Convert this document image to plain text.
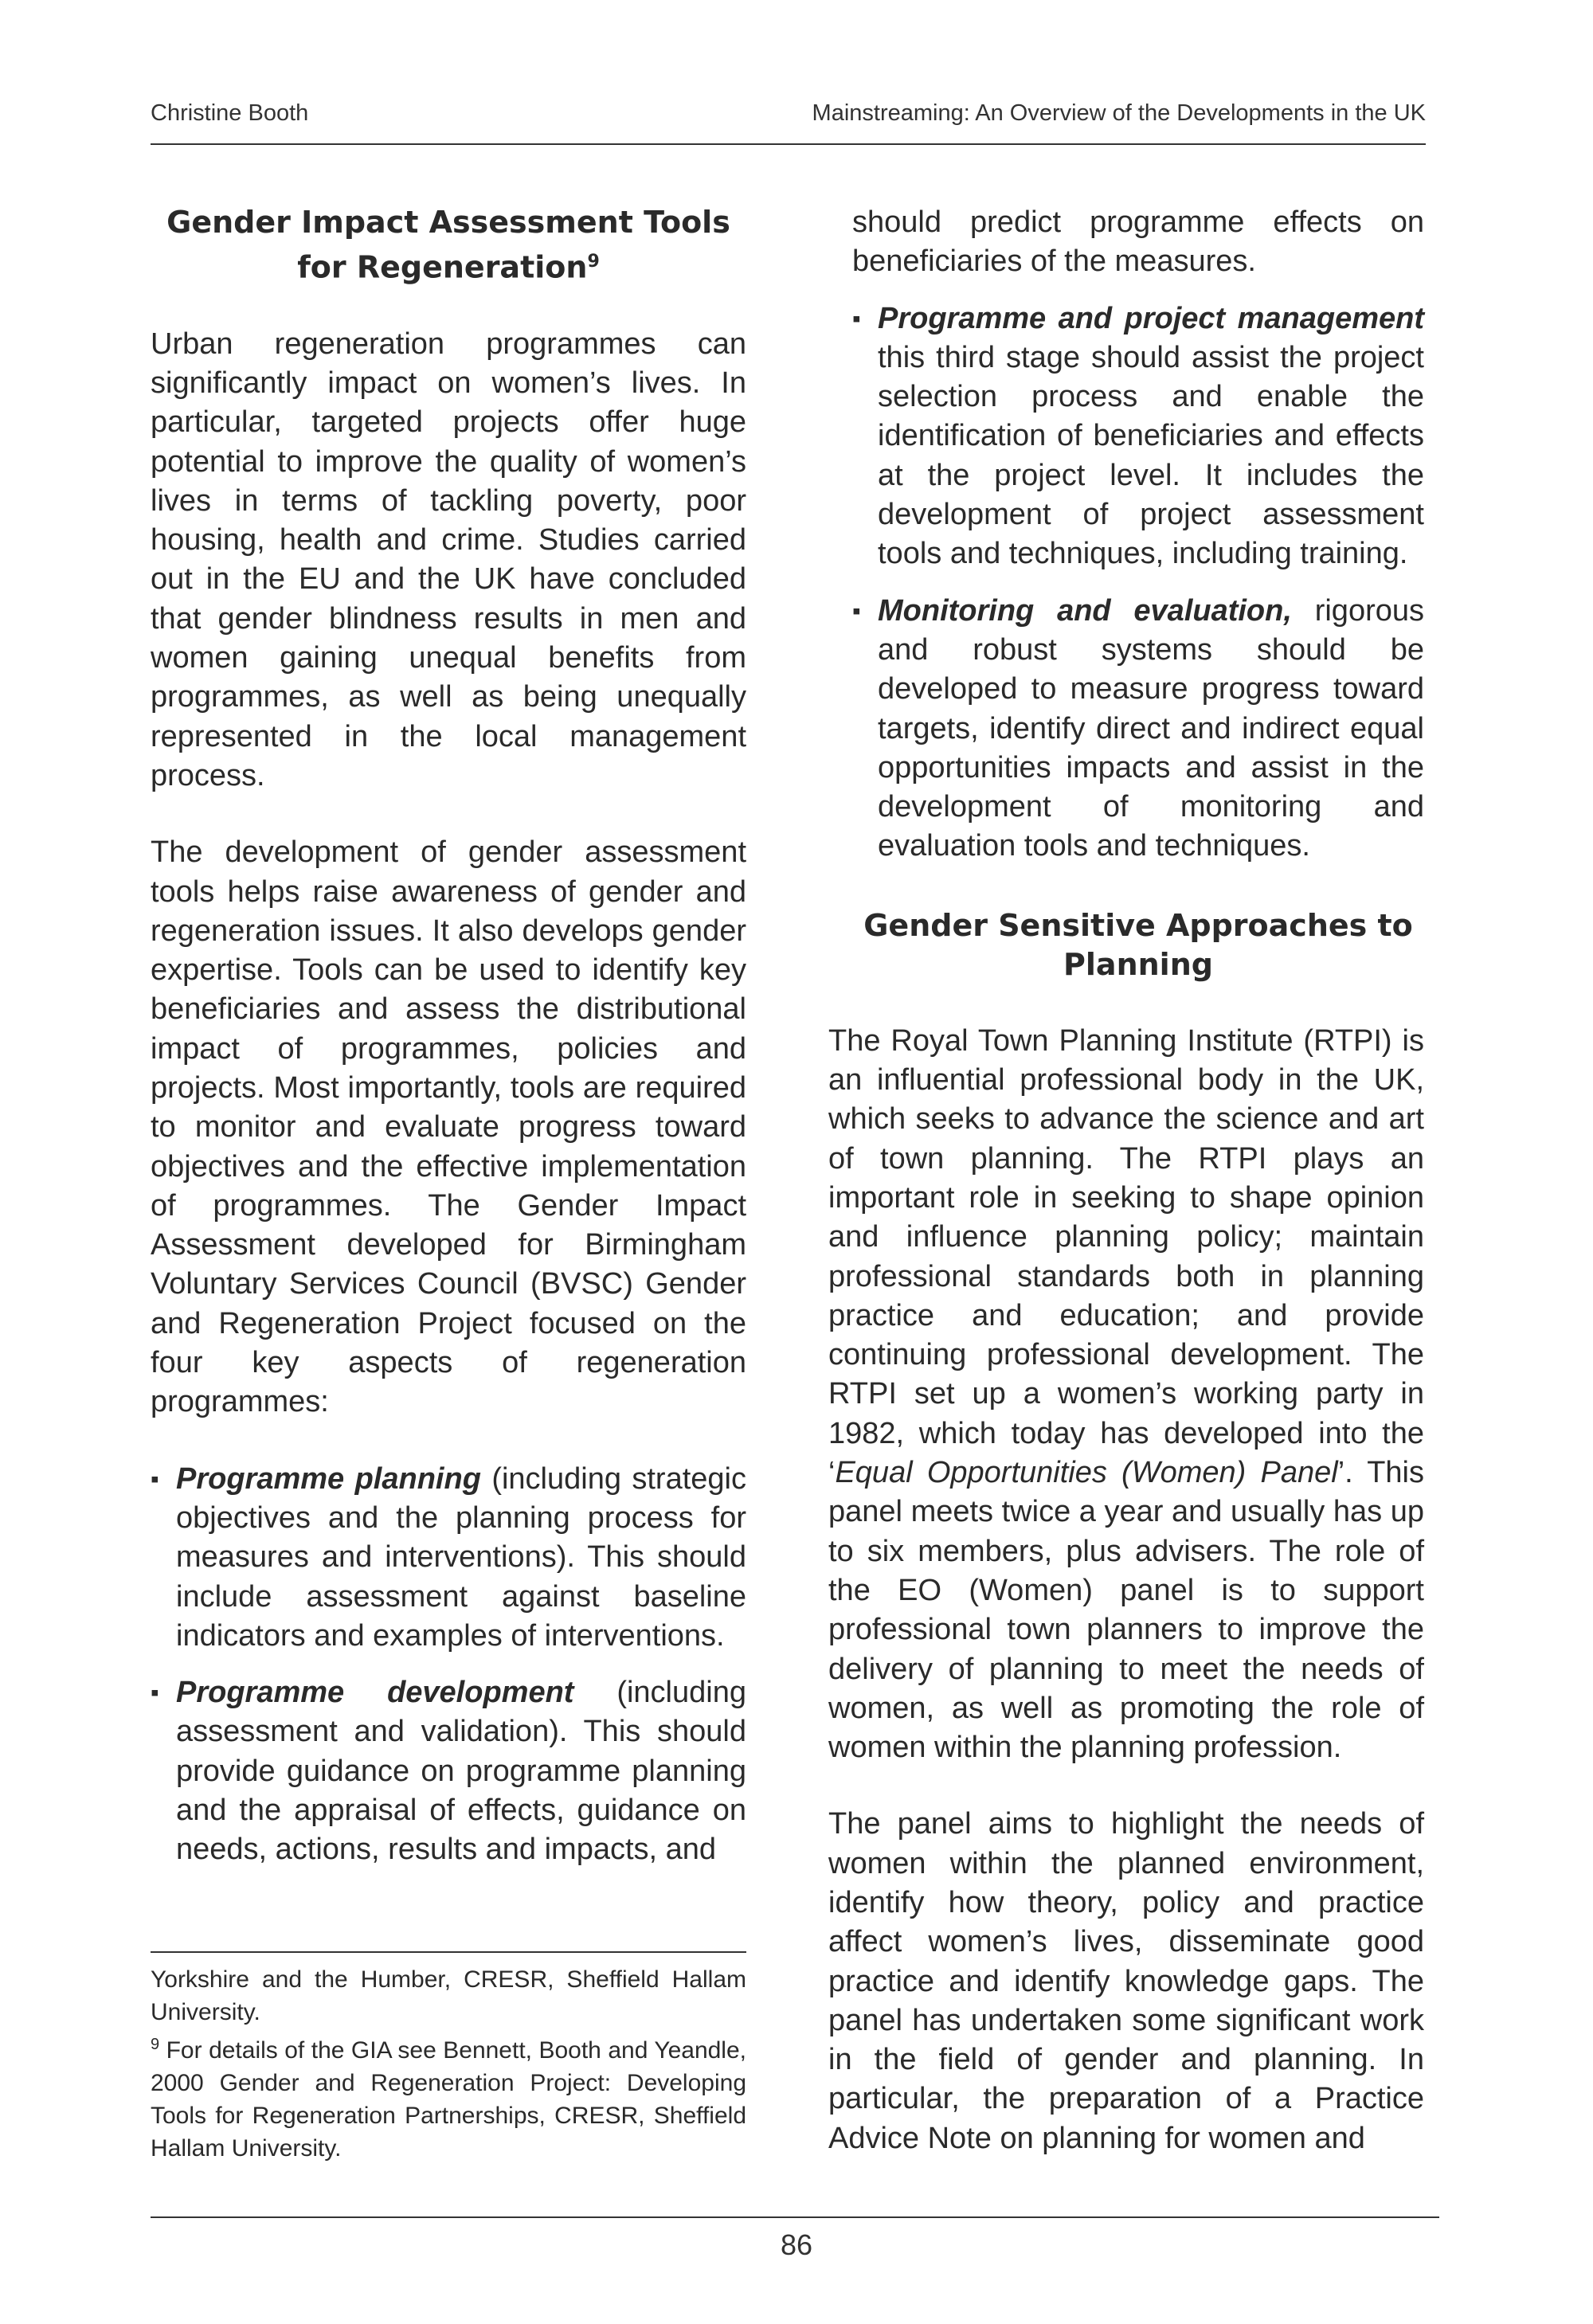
Christine Booth	Mainstreaming: An Overview of the Developments in the UK

Gender Impact Assessment Tools for Regeneration$^9$

Urban regeneration programmes can significantly impact on women’s lives. In particular, targeted projects offer huge potential to improve the quality of women’s lives in terms of tackling poverty, poor housing, health and crime. Studies carried out in the EU and the UK have concluded that gender blindness results in men and women gaining unequal benefits from programmes, as well as being unequally represented in the local management process.

The development of gender assessment tools helps raise awareness of gender and regeneration issues. It also develops gender expertise. Tools can be used to identify key beneficiaries and assess the distributional impact of programmes, policies and projects. Most importantly, tools are required to monitor and evaluate progress toward objectives and the effective implementation of programmes. The Gender Impact Assessment developed for Birmingham Voluntary Services Council (BVSC) Gender and Regeneration Project focused on the four key aspects of regeneration programmes:

▪ Programme planning (including strategic objectives and the planning process for measures and interventions). This should include assessment against baseline indicators and examples of interventions.
▪ Programme development (including assessment and validation). This should provide guidance on programme planning and the appraisal of effects, guidance on needs, actions, results and impacts, and

should predict programme effects on beneficiaries of the measures.

▪ Programme and project management this third stage should assist the project selection process and enable the identification of beneficiaries and effects at the project level. It includes the development of project assessment tools and techniques, including training.
▪ Monitoring and evaluation, rigorous and robust systems should be developed to measure progress toward targets, identify direct and indirect equal opportunities impacts and assist in the development of monitoring and evaluation tools and techniques.

Gender Sensitive Approaches to Planning

The Royal Town Planning Institute (RTPI) is an influential professional body in the UK, which seeks to advance the science and art of town planning. The RTPI plays an important role in seeking to shape opinion and influence planning policy; maintain professional standards both in planning practice and education; and provide continuing professional development. The RTPI set up a women’s working party in 1982, which today has developed into the ‘Equal Opportunities (Women) Panel’. This panel meets twice a year and usually has up to six members, plus advisers. The role of the EO (Women) panel is to support professional town planners to improve the delivery of planning to meet the needs of women, as well as promoting the role of women within the planning profession.

The panel aims to highlight the needs of women within the planned environment, identify how theory, policy and practice affect women’s lives, disseminate good practice and identify knowledge gaps. The panel has undertaken some significant work in the field of gender and planning. In particular, the preparation of a Practice Advice Note on planning for women and

Yorkshire and the Humber, CRESR, Sheffield Hallam University.

$^9$ For details of the GIA see Bennett, Booth and Yeandle, 2000 Gender and Regeneration Project: Developing Tools for Regeneration Partnerships, CRESR, Sheffield Hallam University.

86
